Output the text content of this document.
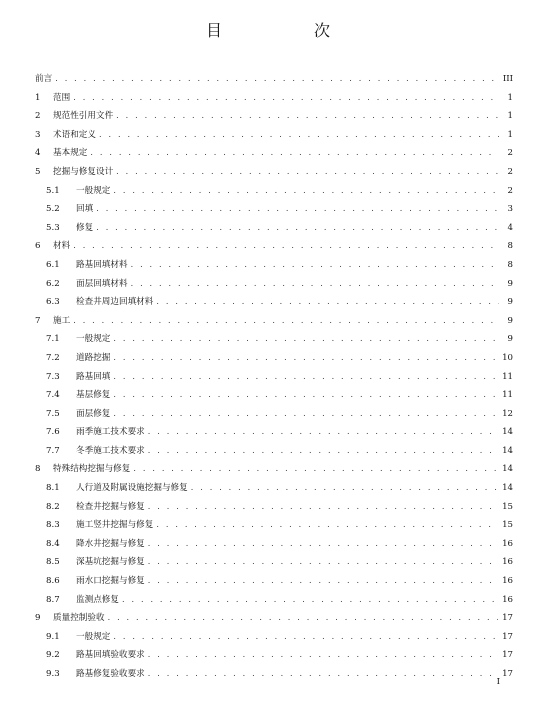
目　次
前言 . . .	III
1	范围 . . .	1
2	规范性引用文件 . . .	1
3	术语和定义 . . .	1
4	基本规定 . . .	2
5	挖掘与修复设计 . . .	2
5.1	一般规定 . . .	2
5.2	回填 . . .	3
5.3	修复 . . .	4
6	材料 . . .	8
6.1	路基回填材料 . . .	8
6.2	面层回填材料 . . .	9
6.3	检查井周边回填材料 . . .	9
7	施工 . . .	9
7.1	一般规定 . . .	9
7.2	道路挖掘 . . .	10
7.3	路基回填 . . .	11
7.4	基层修复 . . .	11
7.5	面层修复 . . .	12
7.6	雨季施工技术要求 . . .	14
7.7	冬季施工技术要求 . . .	14
8	特殊结构挖掘与修复 . . .	14
8.1	人行道及附属设施挖掘与修复 . . .	14
8.2	检查井挖掘与修复 . . .	15
8.3	施工竖井挖掘与修复 . . .	15
8.4	降水井挖掘与修复 . . .	16
8.5	深基坑挖掘与修复 . . .	16
8.6	雨水口挖掘与修复 . . .	16
8.7	监测点修复 . . .	16
9	质量控制验收 . . .	17
9.1	一般规定 . . .	17
9.2	路基回填验收要求 . . .	17
9.3	路基修复验收要求 . . .	17
I
